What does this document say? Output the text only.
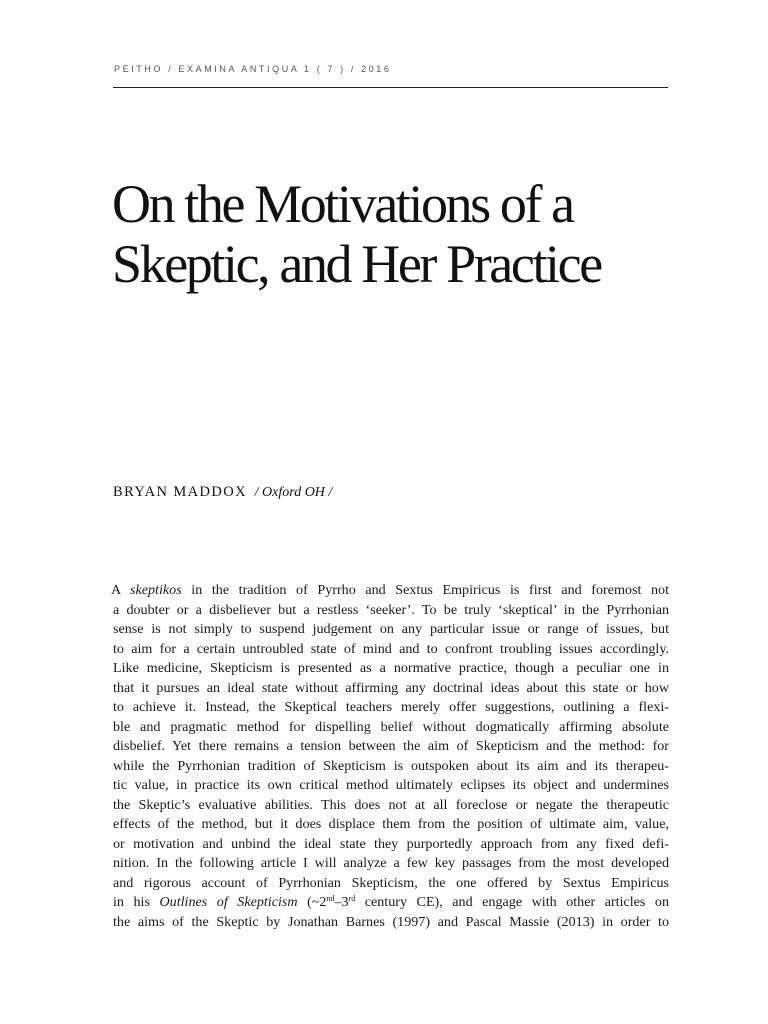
PEITHO / EXAMINA ANTIQUA 1 ( 7 ) / 2016
On the Motivations of a
Skeptic, and Her Practice
BRYAN MADDOX / Oxford OH /

A skeptikos in the tradition of Pyrrho and Sextus Empiricus is first and foremost not
a doubter or a disbeliever but a restless ‘seeker’. To be truly ‘skeptical’ in the Pyrrhonian
sense is not simply to suspend judgement on any particular issue or range of issues, but
to aim for a certain untroubled state of mind and to confront troubling issues accordingly.
Like medicine, Skepticism is presented as a normative practice, though a peculiar one in
that it pursues an ideal state without affirming any doctrinal ideas about this state or how
to achieve it. Instead, the Skeptical teachers merely offer suggestions, outlining a flexi-
ble and pragmatic method for dispelling belief without dogmatically affirming absolute
disbelief. Yet there remains a tension between the aim of Skepticism and the method: for
while the Pyrrhonian tradition of Skepticism is outspoken about its aim and its therapeu-
tic value, in practice its own critical method ultimately eclipses its object and undermines
the Skeptic’s evaluative abilities. This does not at all foreclose or negate the therapeutic
effects of the method, but it does displace them from the position of ultimate aim, value,
or motivation and unbind the ideal state they purportedly approach from any fixed defi-
nition. In the following article I will analyze a few key passages from the most developed
and rigorous account of Pyrrhonian Skepticism, the one offered by Sextus Empiricus
in his Outlines of Skepticism (~2nd–3rd century CE), and engage with other articles on
the aims of the Skeptic by Jonathan Barnes (1997) and Pascal Massie (2013) in order to
